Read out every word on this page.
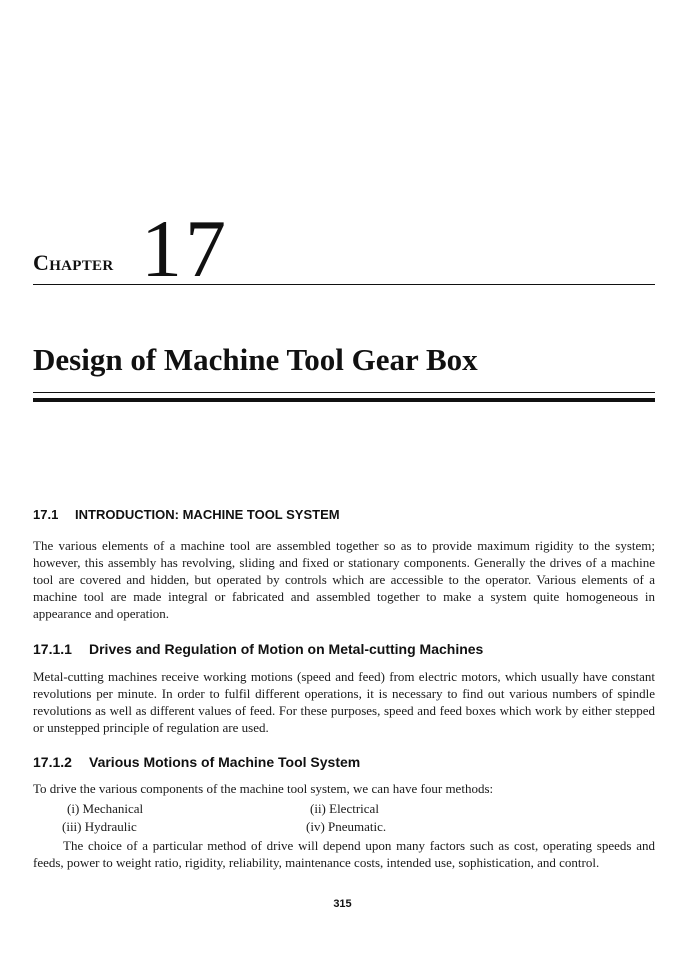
Chapter 17
Design of Machine Tool Gear Box
17.1 INTRODUCTION: MACHINE TOOL SYSTEM

The various elements of a machine tool are assembled together so as to provide maximum rigidity to the system; however, this assembly has revolving, sliding and fixed or stationary components. Generally the drives of a machine tool are covered and hidden, but operated by controls which are accessible to the operator. Various elements of a machine tool are made integral or fabricated and assembled together to make a system quite homogeneous in appearance and operation.

17.1.1 Drives and Regulation of Motion on Metal-cutting Machines

Metal-cutting machines receive working motions (speed and feed) from electric motors, which usually have constant revolutions per minute. In order to fulfil different operations, it is necessary to find out various numbers of spindle revolutions as well as different values of feed. For these purposes, speed and feed boxes which work by either stepped or unstepped principle of regulation are used.

17.1.2 Various Motions of Machine Tool System

To drive the various components of the machine tool system, we can have four methods:

(i) Mechanical	(ii) Electrical

(iii) Hydraulic	(iv) Pneumatic.

The choice of a particular method of drive will depend upon many factors such as cost, operating speeds and feeds, power to weight ratio, rigidity, reliability, maintenance costs, intended use, sophistication, and control.

315
